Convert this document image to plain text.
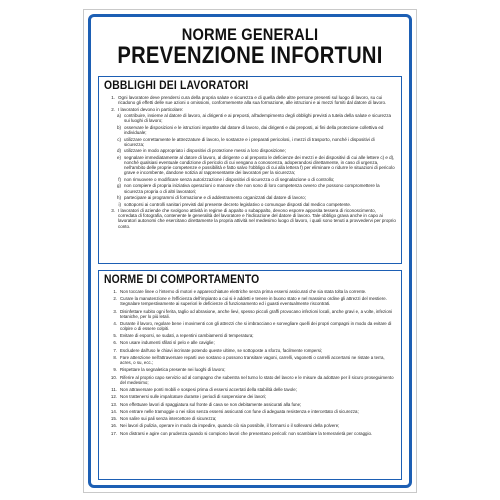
NORME GENERALI
PREVENZIONE INFORTUNI
OBBLIGHI DEI LAVORATORI
1. Ogni lavoratore deve prendersi cura della propria salute e sicurezza e di quella delle altre persone presenti sul luogo di lavoro, su cui ricadono gli effetti delle sue azioni o omissioni, conformemente alla sua formazione, alle istruzioni e ai mezzi forniti dal datore di lavoro.
2. I lavoratori devono in particolare:
a) contribuire, insieme al datore di lavoro, ai dirigenti e ai preposti, all'adempimento degli obblighi previsti a tutela della salute e sicurezza sui luoghi di lavoro;
b) osservare le disposizioni e le istruzioni impartite dal datore di lavoro, dai dirigenti e dai preposti, ai fini della protezione collettiva ed individuale;
c) utilizzare correttamente le attrezzature di lavoro, le sostanze e i preparati pericolosi, i mezzi di trasporto, nonché i dispositivi di sicurezza;
d) utilizzare in modo appropriato i dispositivi di protezione messi a loro disposizione;
e) segnalare immediatamente al datore di lavoro, al dirigente o al preposto le deficienze dei mezzi e dei dispositivi di cui alle lettere c) e d), nonché qualsiasi eventuale condizione di pericolo di cui vengano a conoscenza, adoperandosi direttamente, in caso di urgenza, nell'ambito delle proprie competenze e possibilità e fatto salvo l'obbligo di cui alla lettera f) per eliminare o ridurre le situazioni di pericolo grave e incombente, dandone notizia al rappresentante dei lavoratori per la sicurezza;
f) non rimuovere o modificare senza autorizzazione i dispositivi di sicurezza o di segnalazione o di controllo;
g) non compiere di propria iniziativa operazioni o manovre che non sono di loro competenza ovvero che possono compromettere la sicurezza propria o di altri lavoratori;
h) partecipare ai programmi di formazione e di addestramento organizzati dal datore di lavoro;
i) sottoporsi ai controlli sanitari previsti dal presente decreto legislativo o comunque disposti dal medico competente.
3. I lavoratori di aziende che svolgono attività in regime di appalto o subappalto, devono esporre apposita tessera di riconoscimento, corredata di fotografia, contenente le generalità del lavoratore e l'indicazione del datore di lavoro. Tale obbligo grava anche in capo ai lavoratori autonomi che esercitano direttamente la propria attività nel medesimo luogo di lavoro, i quali sono tenuti a provvedervi per proprio conto.
NORME DI COMPORTAMENTO
1. Non toccare linee o l'interno di motori e apparecchiature elettriche senza prima essersi assicurati che sia stata tolta la corrente.
2. Curare la manutenzione e l'efficienza dell'impianto a cui si è addetti e tenere in buono stato e nel massimo ordine gli attrezzi del mestiere. Segnalare tempestivamente ai superiori le deficienze di funzionamento ed i guasti eventualmente riscontrati.
3. Disinfettare subito ogni ferita, taglio od abrasione, anche lievi, spesso piccoli graffi provocano infezioni locali, anche gravi e, a volte, infezioni tetaniche, per lo più letali.
4. Durante il lavoro, regolare bene i movimenti con gli attrezzi che si imbracciano e sorvegliare quelli dei propri compagni in modo da evitare di colpire o di essere colpiti.
5. Evitare di esporsi, se sudati, a repentini cambiamenti di temperatura;
6. Non usare indumenti sfilati sì pelo e alle caviglie;
7. Escludere dall'uso le chiavi incrinate potendo queste ultime, se sottoposte a sforzo, facilmente rompersi;
8. Fare attenzione nell'attraversare reparti ove sostano o possono transitare vagoni, carrelli, vagonetti o carrelli accertarsi ne ristate a terra, acres, o su, ecc.;
9. Rispettare la segnaletica presente nei luoghi di lavoro;
10. Riferire al proprio capo servizio od al compagno che subentra nel turno lo stato del lavoro e le misure da adottare per il sicuro proseguimento del medesimo;
11. Non attraversare ponti mobili e sospesi prima di essersi accertati della stabilità delle tavole;
12. Non trattenersi sulle impalcature durante i periodi di sospensione dei lavori;
13. Non effettuare lavori di spaggiatura sul fronte di cava se non debitamente assicurati alla fune;
14. Non entrare nelle tramoggie o nei silos senza essersi assicurati con fune di adeguata resistenza e intercettato di sicurezza;
15. Non salire sui pali senza intercettore di sicurezza;
16. Nei lavori di pulizia, operare in modo da impedire, quando ciò sia possibile, il formarsi o il sollevarsi della polvere;
17. Non distrarsi e agire con prudenza quando si compiono lavori che presentano pericoli: non scambiare la temerarietà per coraggio.
